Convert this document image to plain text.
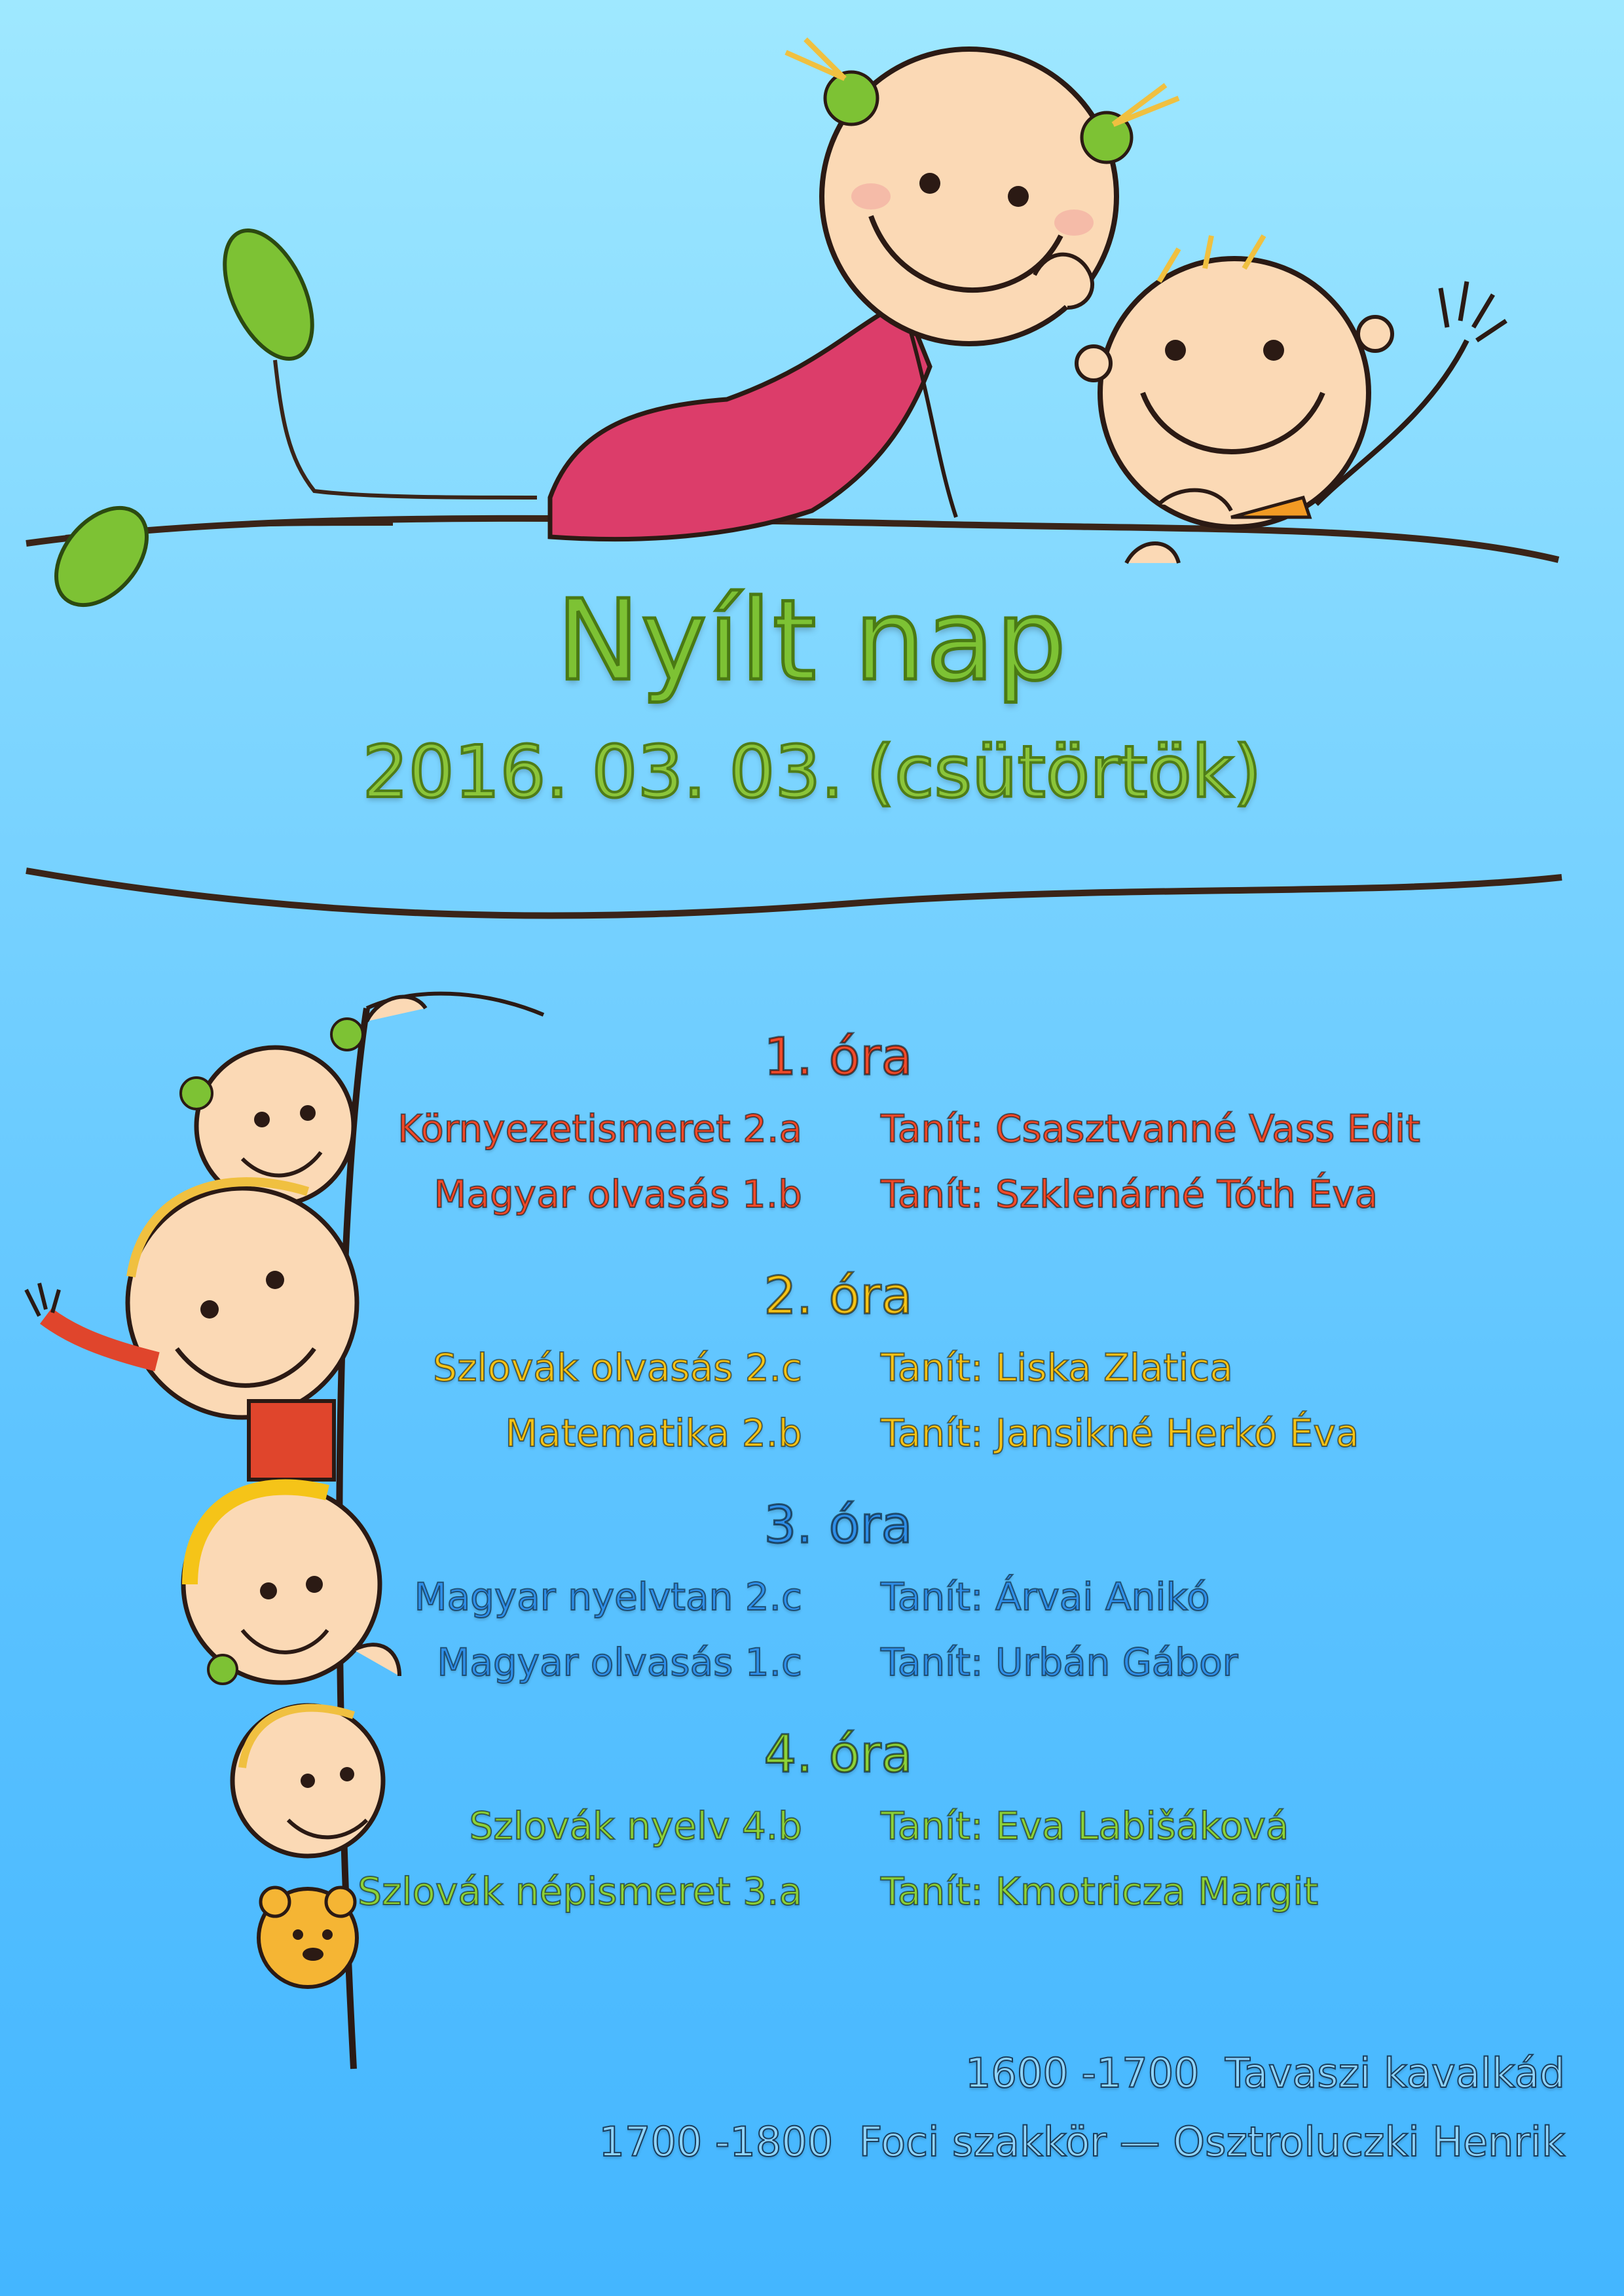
Nyílt nap
2016. 03. 03. (csütörtök)
1. óra
Környezetismeret 2.a Tanít: Csasztvanné Vass Edit
Magyar olvasás 1.b Tanít: Szklenárné Tóth Éva
2. óra
Szlovák olvasás 2.c Tanít: Liska Zlatica
Matematika 2.b Tanít: Jansikné Herkó Éva
3. óra
Magyar nyelvtan 2.c Tanít: Árvai Anikó
Magyar olvasás 1.c Tanít: Urbán Gábor
4. óra
Szlovák nyelv 4.b Tanít: Eva Labišáková
Szlovák népismeret 3.a Tanít: Kmotricza Margit
1600 -1700 Tavaszi kavalkád
1700 -1800 Foci szakkör — Osztroluczki Henrik
